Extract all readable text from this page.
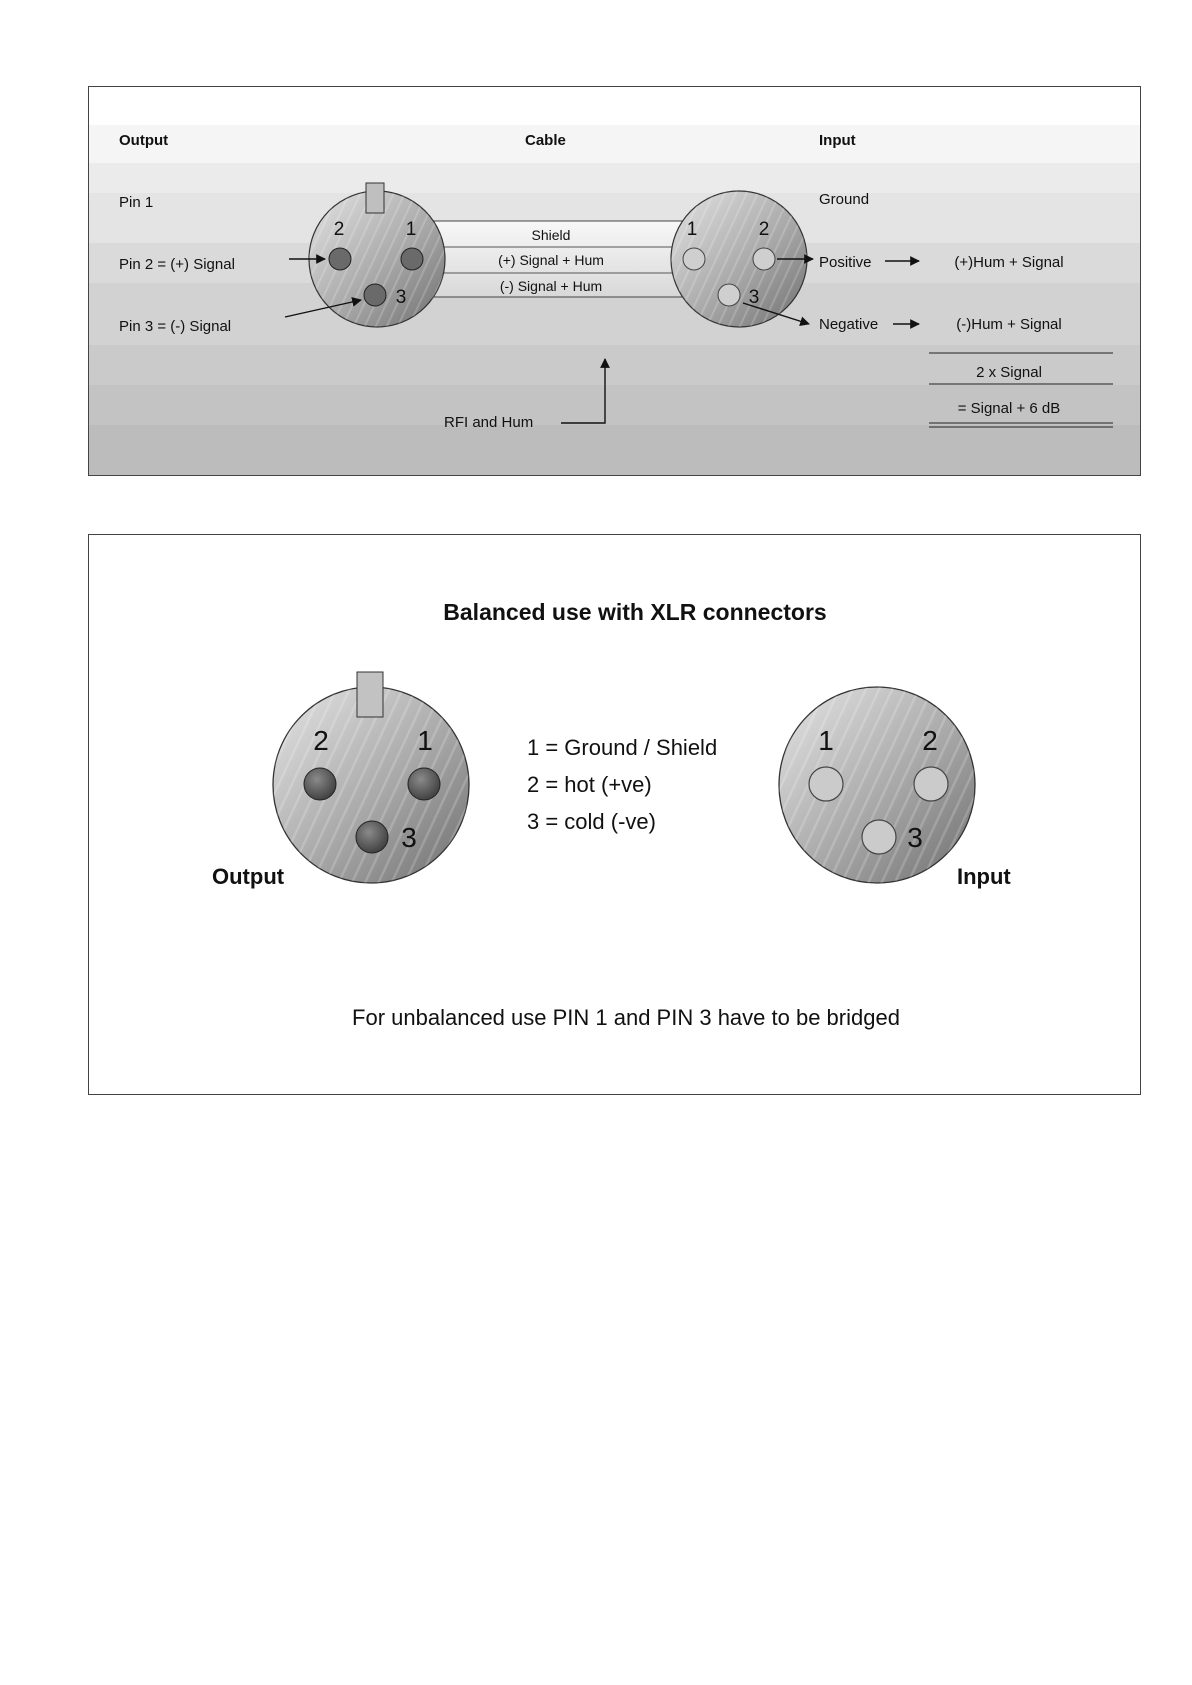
Output	Cable	Input
Pin 1
Pin 2 = (+) Signal
Pin 3 = (-) Signal
Shield
(+) Signal + Hum
(-) Signal + Hum
2	1
3
1	2
3
Ground
Positive
Negative
(+)Hum + Signal
(-)Hum + Signal
2 x Signal
= Signal + 6 dB
RFI and Hum
Balanced use with XLR connectors
2	1
3
Output
1 = Ground / Shield
2 = hot (+ve)
3 = cold (-ve)
1	2
3
Input
For unbalanced use PIN 1 and PIN 3 have to be bridged
